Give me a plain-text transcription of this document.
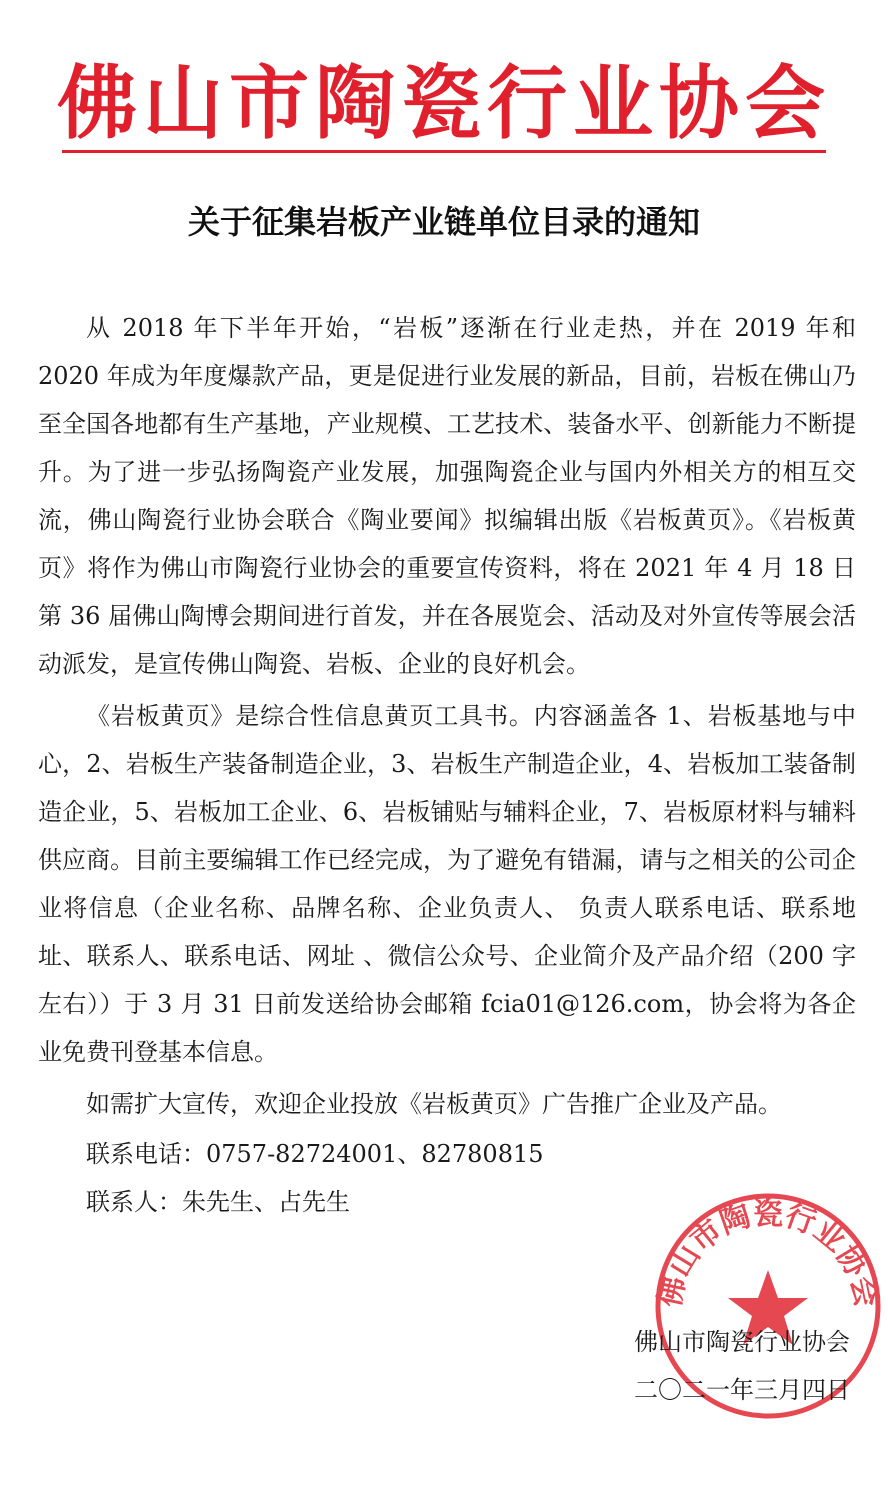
佛山市陶瓷行业协会
关于征集岩板产业链单位目录的通知

从 2018 年下半年开始，“岩板”逐渐在行业走热，并在 2019 年和 2020 年成为年度爆款产品，更是促进行业发展的新品，目前，岩板在佛山乃至全国各地都有生产基地，产业规模、工艺技术、装备水平、创新能力不断提升。为了进一步弘扬陶瓷产业发展，加强陶瓷企业与国内外相关方的相互交流，佛山陶瓷行业协会联合《陶业要闻》拟编辑出版《岩板黄页》。《岩板黄页》将作为佛山市陶瓷行业协会的重要宣传资料，将在 2021 年 4 月 18 日第 36 届佛山陶博会期间进行首发，并在各展览会、活动及对外宣传等展会活动派发，是宣传佛山陶瓷、岩板、企业的良好机会。

《岩板黄页》是综合性信息黄页工具书。内容涵盖各 1、岩板基地与中心，2、岩板生产装备制造企业，3、岩板生产制造企业，4、岩板加工装备制造企业，5、岩板加工企业、6、岩板铺贴与辅料企业，7、岩板原材料与辅料供应商。目前主要编辑工作已经完成，为了避免有错漏，请与之相关的公司企业将信息（企业名称、品牌名称、企业负责人、 负责人联系电话、联系地址、联系人、联系电话、网址 、微信公众号、企业简介及产品介绍（200 字左右））于 3 月 31 日前发送给协会邮箱 fcia01@126.com，协会将为各企业免费刊登基本信息。

如需扩大宣传，欢迎企业投放《岩板黄页》广告推广企业及产品。
联系电话：0757-82724001、82780815
联系人：朱先生、占先生
佛山市陶瓷行业协会
佛山市陶瓷行业协会
二〇二一年三月四日
